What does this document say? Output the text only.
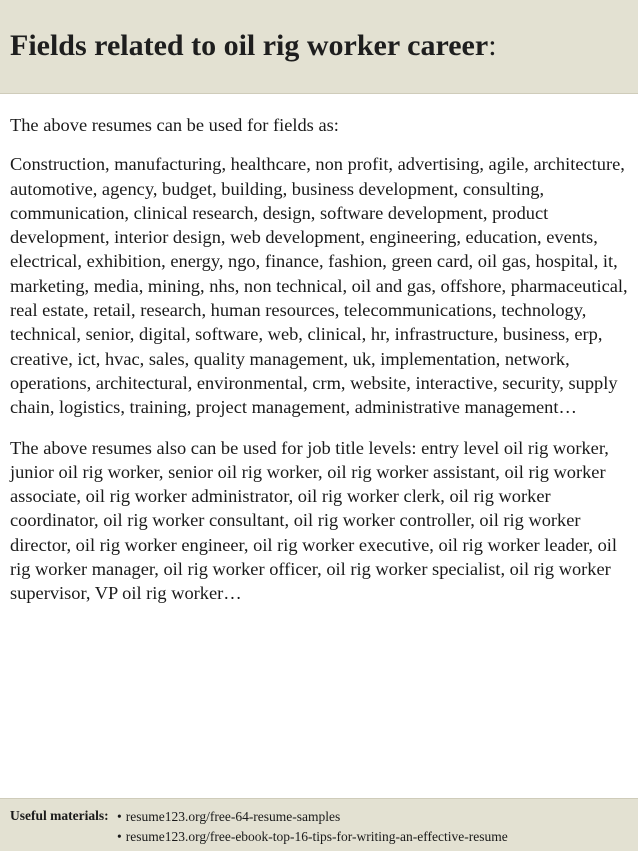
Fields related to oil rig worker career:

The above resumes can be used for fields as:

Construction, manufacturing, healthcare, non profit, advertising, agile, architecture, automotive, agency, budget, building, business development, consulting, communication, clinical research, design, software development, product development, interior design, web development, engineering, education, events, electrical, exhibition, energy, ngo, finance, fashion, green card, oil gas, hospital, it, marketing, media, mining, nhs, non technical, oil and gas, offshore, pharmaceutical, real estate, retail, research, human resources, telecommunications, technology, technical, senior, digital, software, web, clinical, hr, infrastructure, business, erp, creative, ict, hvac, sales, quality management, uk, implementation, network, operations, architectural, environmental, crm, website, interactive, security, supply chain, logistics, training, project management, administrative management…

The above resumes also can be used for job title levels: entry level oil rig worker, junior oil rig worker, senior oil rig worker, oil rig worker assistant, oil rig worker associate, oil rig worker administrator, oil rig worker clerk, oil rig worker coordinator, oil rig worker consultant, oil rig worker controller, oil rig worker director, oil rig worker engineer, oil rig worker executive, oil rig worker leader, oil rig worker manager, oil rig worker officer, oil rig worker specialist, oil rig worker supervisor, VP oil rig worker…

Useful materials: • resume123.org/free-64-resume-samples
• resume123.org/free-ebook-top-16-tips-for-writing-an-effective-resume
